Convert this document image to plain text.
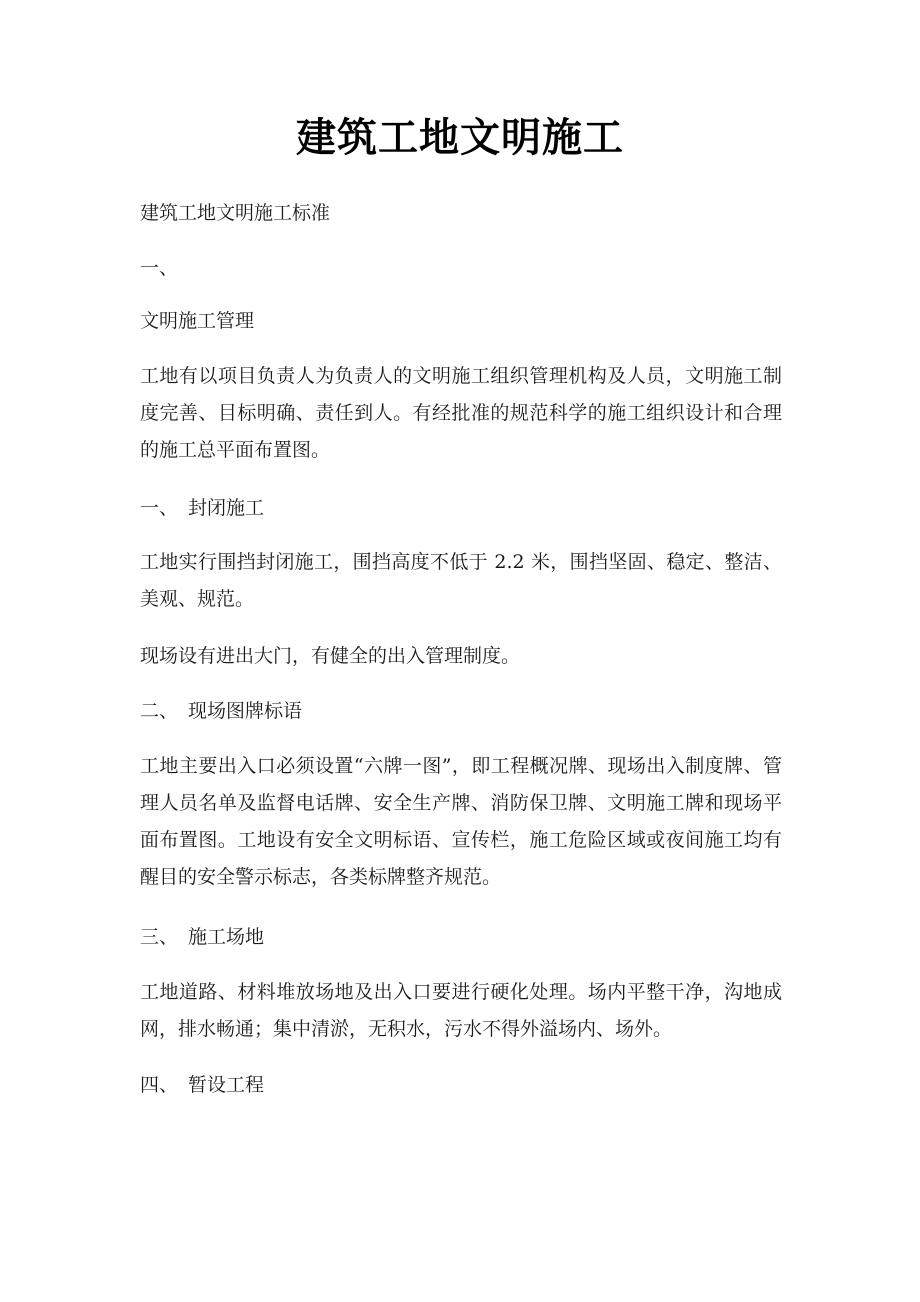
建筑工地文明施工
建筑工地文明施工标准
一、
文明施工管理
工地有以项目负责人为负责人的文明施工组织管理机构及人员，文明施工制度完善、目标明确、责任到人。有经批准的规范科学的施工组织设计和合理的施工总平面布置图。
一、 封闭施工
工地实行围挡封闭施工，围挡高度不低于 2.2 米，围挡坚固、稳定、整洁、美观、规范。
现场设有进出大门，有健全的出入管理制度。
二、 现场图牌标语
工地主要出入口必须设置“六牌一图”，即工程概况牌、现场出入制度牌、管理人员名单及监督电话牌、安全生产牌、消防保卫牌、文明施工牌和现场平面布置图。工地设有安全文明标语、宣传栏，施工危险区域或夜间施工均有醒目的安全警示标志，各类标牌整齐规范。
三、 施工场地
工地道路、材料堆放场地及出入口要进行硬化处理。场内平整干净，沟地成网，排水畅通；集中清淤，无积水，污水不得外溢场内、场外。
四、 暂设工程
